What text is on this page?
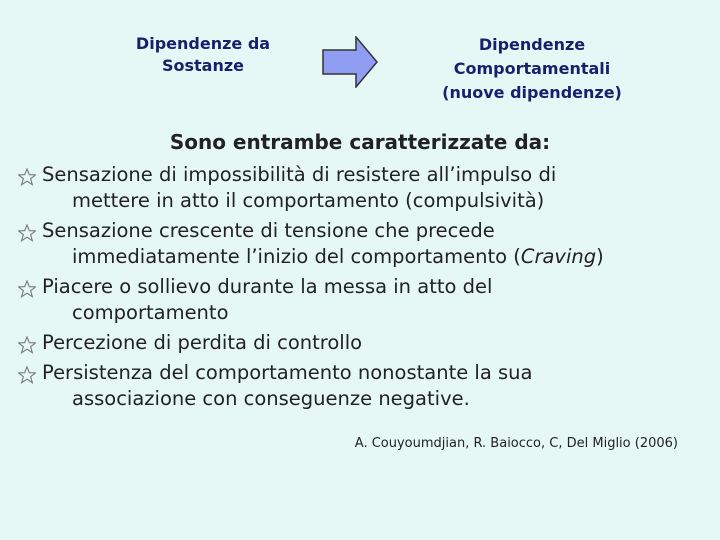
Dipendenze da
Sostanze
Dipendenze
Comportamentali
(nuove dipendenze)
Sono entrambe caratterizzate da:
Sensazione di impossibilità di resistere all’impulso di
mettere in atto il comportamento (compulsività)
Sensazione crescente di tensione che precede
immediatamente l’inizio del comportamento (Craving)
Piacere o sollievo durante la messa in atto del
comportamento
Percezione di perdita di controllo
Persistenza del comportamento nonostante la sua
associazione con conseguenze negative.
A. Couyoumdjian, R. Baiocco, C, Del Miglio (2006)
